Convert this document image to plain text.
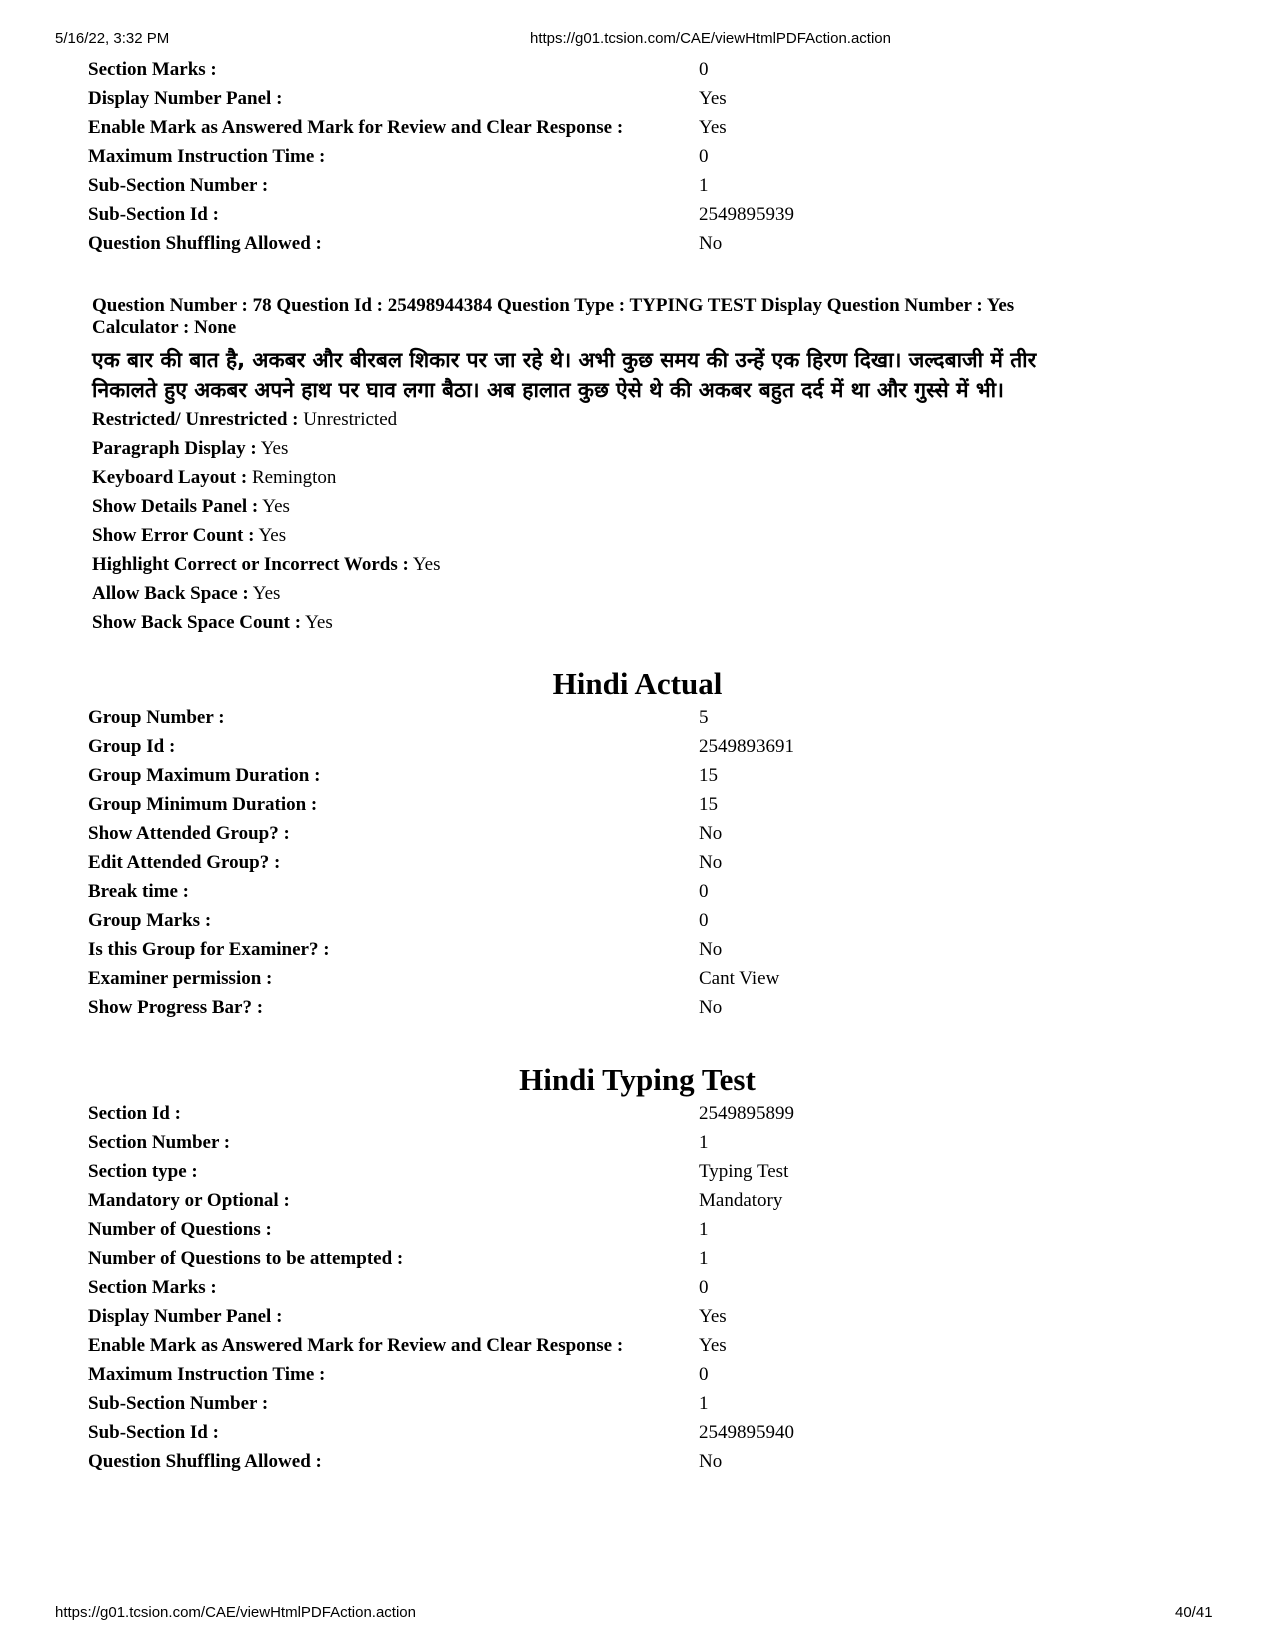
5/16/22, 3:32 PM	https://g01.tcsion.com/CAE/viewHtmlPDFAction.action
Section Marks :	0
Display Number Panel :	Yes
Enable Mark as Answered Mark for Review and Clear Response :	Yes
Maximum Instruction Time :	0
Sub-Section Number :	1
Sub-Section Id :	2549895939
Question Shuffling Allowed :	No
Question Number : 78 Question Id : 25498944384 Question Type : TYPING TEST Display Question Number : Yes
Calculator : None
एक बार की बात है, अकबर और बीरबल शिकार पर जा रहे थे। अभी कुछ समय की उन्हें एक हिरण दिखा। जल्दबाजी में तीर
निकालते हुए अकबर अपने हाथ पर घाव लगा बैठा। अब हालात कुछ ऐसे थे की अकबर बहुत दर्द में था और गुस्से में भी।
Restricted/ Unrestricted : Unrestricted
Paragraph Display : Yes
Keyboard Layout : Remington
Show Details Panel : Yes
Show Error Count : Yes
Highlight Correct or Incorrect Words : Yes
Allow Back Space : Yes
Show Back Space Count : Yes
Hindi Actual
Group Number :	5
Group Id :	2549893691
Group Maximum Duration :	15
Group Minimum Duration :	15
Show Attended Group? :	No
Edit Attended Group? :	No
Break time :	0
Group Marks :	0
Is this Group for Examiner? :	No
Examiner permission :	Cant View
Show Progress Bar? :	No
Hindi Typing Test
Section Id :	2549895899
Section Number :	1
Section type :	Typing Test
Mandatory or Optional :	Mandatory
Number of Questions :	1
Number of Questions to be attempted :	1
Section Marks :	0
Display Number Panel :	Yes
Enable Mark as Answered Mark for Review and Clear Response :	Yes
Maximum Instruction Time :	0
Sub-Section Number :	1
Sub-Section Id :	2549895940
Question Shuffling Allowed :	No
https://g01.tcsion.com/CAE/viewHtmlPDFAction.action	40/41
